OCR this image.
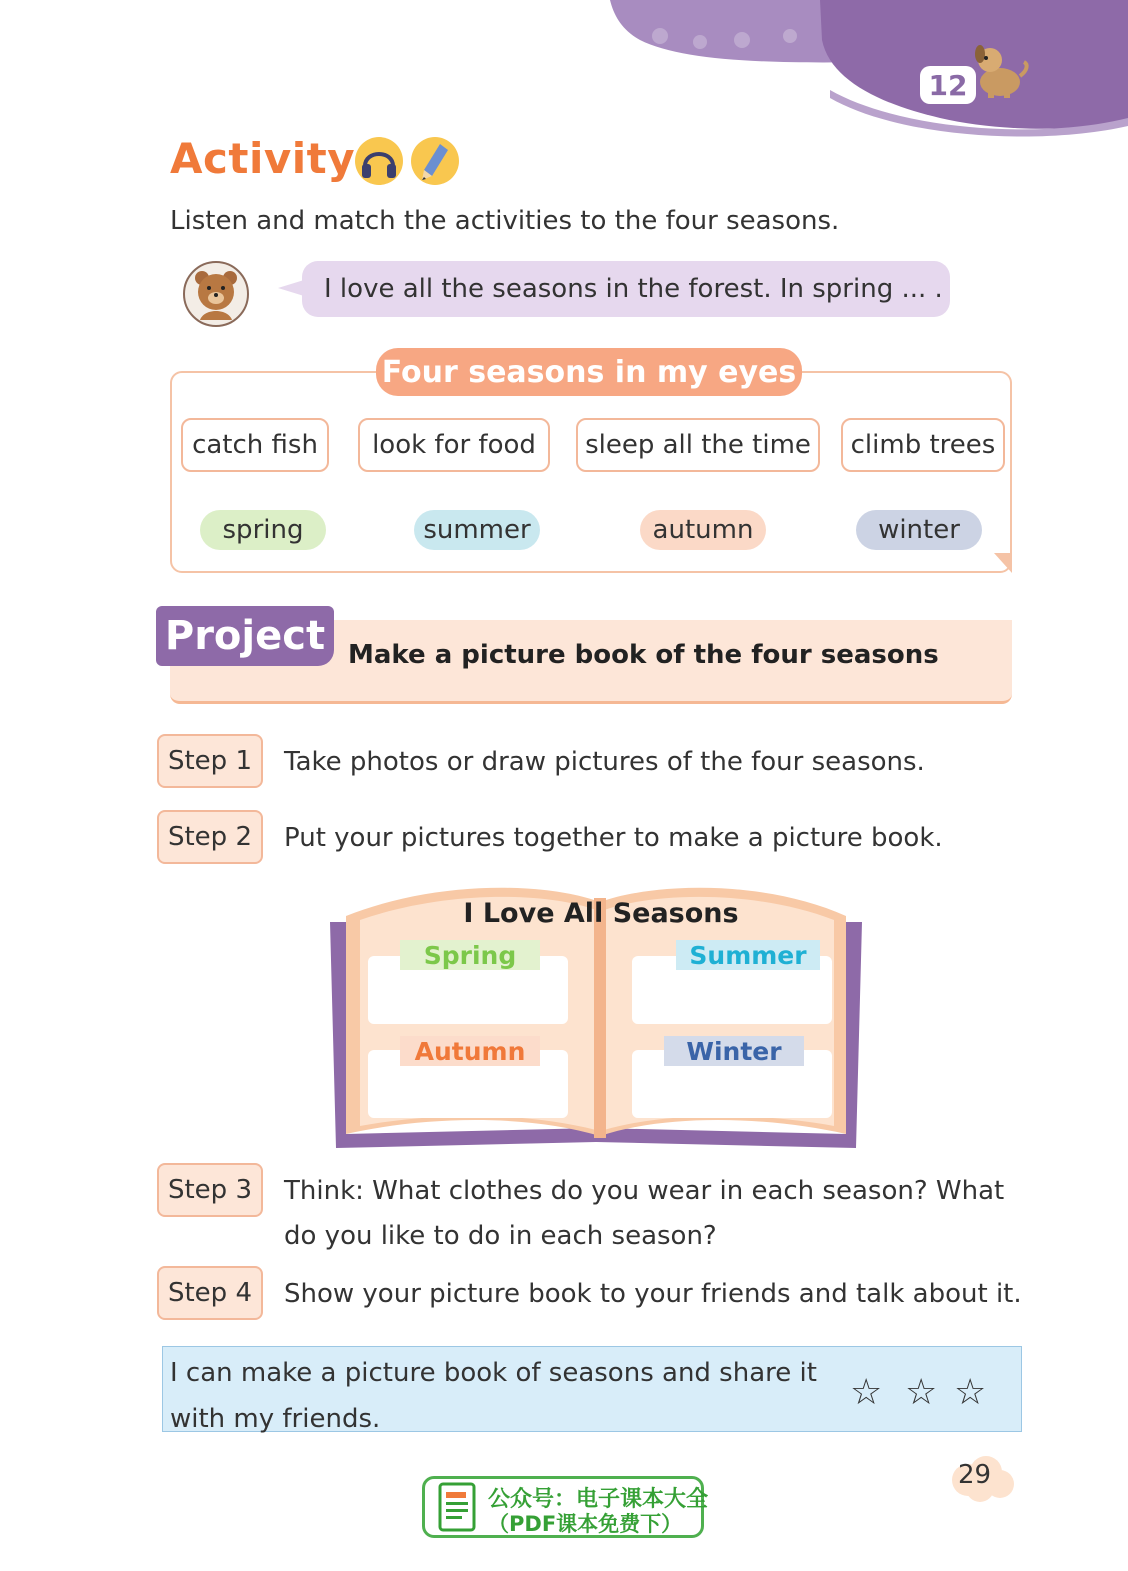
12
Activity
Listen and match the activities to the four seasons.
I love all the seasons in the forest. In spring ... .
Four seasons in my eyes
catch fish	look for food	sleep all the time	climb trees
spring	summer	autumn	winter
Project Make a picture book of the four seasons
Step 1	Take photos or draw pictures of the four seasons.
Step 2	Put your pictures together to make a picture book.
I Love All Seasons
Spring	Summer
Autumn	Winter
Step 3	Think: What clothes do you wear in each season? What do you like to do in each season?
Step 4	Show your picture book to your friends and talk about it.
I can make a picture book of seasons and share it with my friends.
☆ ☆ ☆
29
公众号：电子课本大全
（PDF课本免费下）
